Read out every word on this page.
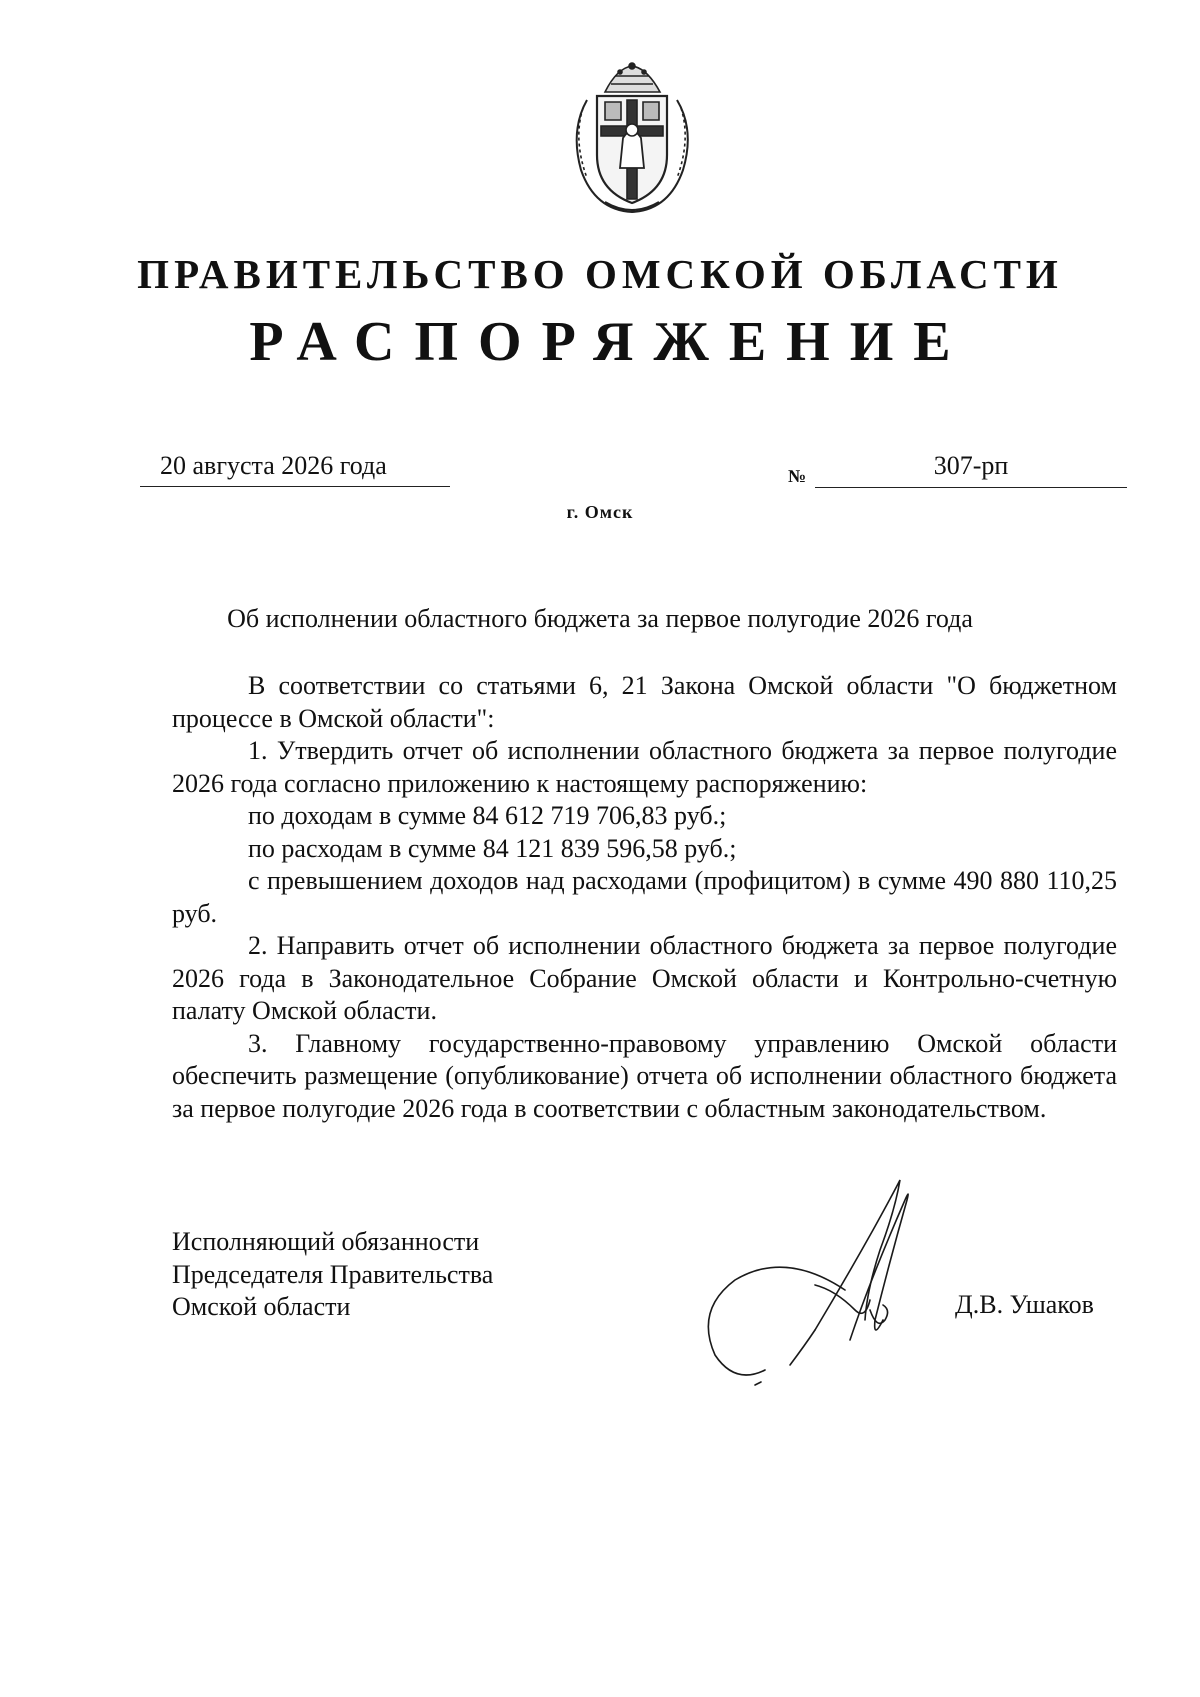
ПРАВИТЕЛЬСТВО ОМСКОЙ ОБЛАСТИ
РАСПОРЯЖЕНИЕ
20 августа 2026 года	№	307-рп
г. Омск
Об исполнении областного бюджета за первое полугодие 2026 года

В соответствии со статьями 6, 21 Закона Омской области "О бюджетном процессе в Омской области":

1. Утвердить отчет об исполнении областного бюджета за первое полугодие 2026 года согласно приложению к настоящему распоряжению:

по доходам в сумме 84 612 719 706,83 руб.;

по расходам в сумме 84 121 839 596,58 руб.;

с превышением доходов над расходами (профицитом) в сумме 490 880 110,25 руб.

2. Направить отчет об исполнении областного бюджета за первое полугодие 2026 года в Законодательное Собрание Омской области и Контрольно-счетную палату Омской области.

3. Главному государственно-правовому управлению Омской области обеспечить размещение (опубликование) отчета об исполнении областного бюджета за первое полугодие 2026 года в соответствии с областным законодательством.

Исполняющий обязанности
Председателя Правительства
Омской области	Д.В. Ушаков
